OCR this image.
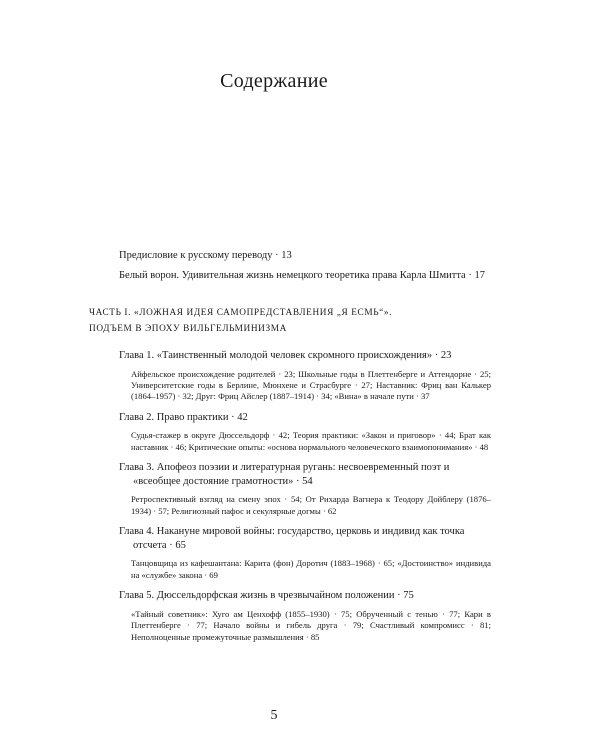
Содержание
Предисловие к русскому переводу · 13
Белый ворон. Удивительная жизнь немецкого теоретика права Карла Шмитта · 17
ЧАСТЬ I. «ЛОЖНАЯ ИДЕЯ САМОПРЕДСТАВЛЕНИЯ „Я ЕСМЬ“».
ПОДЪЕМ В ЭПОХУ ВИЛЬГЕЛЬМИНИЗМА
Глава 1. «Таинственный молодой человек скромного происхождения» · 23
Айфельское происхождение родителей · 23; Школьные годы в Плеттенберге и Аттендорне · 25; Университетские годы в Берлине, Мюнхене и Страсбурге · 27; Наставник: Фриц ван Калькер (1864–1957) · 32; Друг: Фриц Айслер (1887–1914) · 34; «Вина» в начале пути · 37
Глава 2. Право практики · 42
Судья-стажер в округе Дюссельдорф · 42; Теория практики: «Закон и приговор» · 44; Брат как наставник · 46; Критические опыты: «основа нормального человеческого взаимопонимания» · 48
Глава 3. Апофеоз поэзии и литературная ругань: несвоевременный поэт и «всеобщее достояние грамотности» · 54
Ретроспективный взгляд на смену эпох · 54; От Рихарда Вагнера к Теодору Дойблеру (1876–1934) · 57; Религиозный пафос и секулярные догмы · 62
Глава 4. Накануне мировой войны: государство, церковь и индивид как точка отсчета · 65
Танцовщица из кафешантана: Карита (фон) Доротич (1883–1968) · 65; «Достоинство» индивида на «службе» закона · 69
Глава 5. Дюссельдорфская жизнь в чрезвычайном положении · 75
«Тайный советник»: Хуго ам Ценхофф (1855–1930) · 75; Обрученный с тенью · 77; Кари в Плеттенберге · 77; Начало войны и гибель друга · 79; Счастливый компромисс · 81; Неполноценные промежуточные размышления · 85
5
